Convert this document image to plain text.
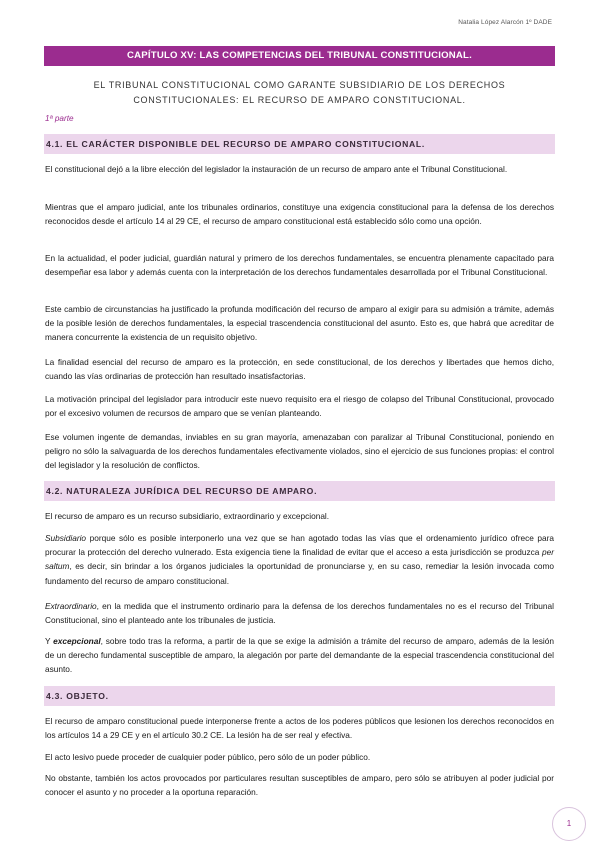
Natalia López Alarcón 1º DADE
CAPÍTULO XV: LAS COMPETENCIAS DEL TRIBUNAL CONSTITUCIONAL.
EL TRIBUNAL CONSTITUCIONAL COMO GARANTE SUBSIDIARIO DE LOS DERECHOS CONSTITUCIONALES: EL RECURSO DE AMPARO CONSTITUCIONAL.
1ª parte
4.1. EL CARÁCTER DISPONIBLE DEL RECURSO DE AMPARO CONSTITUCIONAL.
El constitucional dejó a la libre elección del legislador la instauración de un recurso de amparo ante el Tribunal Constitucional.
Mientras que el amparo judicial, ante los tribunales ordinarios, constituye una exigencia constitucional para la defensa de los derechos reconocidos desde el artículo 14 al 29 CE, el recurso de amparo constitucional está establecido sólo como una opción.
En la actualidad, el poder judicial, guardián natural y primero de los derechos fundamentales, se encuentra plenamente capacitado para desempeñar esa labor y además cuenta con la interpretación de los derechos fundamentales desarrollada por el Tribunal Constitucional.
Este cambio de circunstancias ha justificado la profunda modificación del recurso de amparo al exigir para su admisión a trámite, además de la posible lesión de derechos fundamentales, la especial trascendencia constitucional del asunto. Esto es, que habrá que acreditar de manera concurrente la existencia de un requisito objetivo.
La finalidad esencial del recurso de amparo es la protección, en sede constitucional, de los derechos y libertades que hemos dicho, cuando las vías ordinarias de protección han resultado insatisfactorias.
La motivación principal del legislador para introducir este nuevo requisito era el riesgo de colapso del Tribunal Constitucional, provocado por el excesivo volumen de recursos de amparo que se venían planteando.
Ese volumen ingente de demandas, inviables en su gran mayoría, amenazaban con paralizar al Tribunal Constitucional, poniendo en peligro no sólo la salvaguarda de los derechos fundamentales efectivamente violados, sino el ejercicio de sus funciones propias: el control del legislador y la resolución de conflictos.
4.2. NATURALEZA JURÍDICA DEL RECURSO DE AMPARO.
El recurso de amparo es un recurso subsidiario, extraordinario y excepcional.
Subsidiario porque sólo es posible interponerlo una vez que se han agotado todas las vías que el ordenamiento jurídico ofrece para procurar la protección del derecho vulnerado. Esta exigencia tiene la finalidad de evitar que el acceso a esta jurisdicción se produzca per saltum, es decir, sin brindar a los órganos judiciales la oportunidad de pronunciarse y, en su caso, remediar la lesión invocada como fundamento del recurso de amparo constitucional.
Extraordinario, en la medida que el instrumento ordinario para la defensa de los derechos fundamentales no es el recurso del Tribunal Constitucional, sino el planteado ante los tribunales de justicia.
Y excepcional, sobre todo tras la reforma, a partir de la que se exige la admisión a trámite del recurso de amparo, además de la lesión de un derecho fundamental susceptible de amparo, la alegación por parte del demandante de la especial trascendencia constitucional del asunto.
4.3. OBJETO.
El recurso de amparo constitucional puede interponerse frente a actos de los poderes públicos que lesionen los derechos reconocidos en los artículos 14 a 29 CE y en el artículo 30.2 CE. La lesión ha de ser real y efectiva.
El acto lesivo puede proceder de cualquier poder público, pero sólo de un poder público.
No obstante, también los actos provocados por particulares resultan susceptibles de amparo, pero sólo se atribuyen al poder judicial por conocer el asunto y no proceder a la oportuna reparación.
1
